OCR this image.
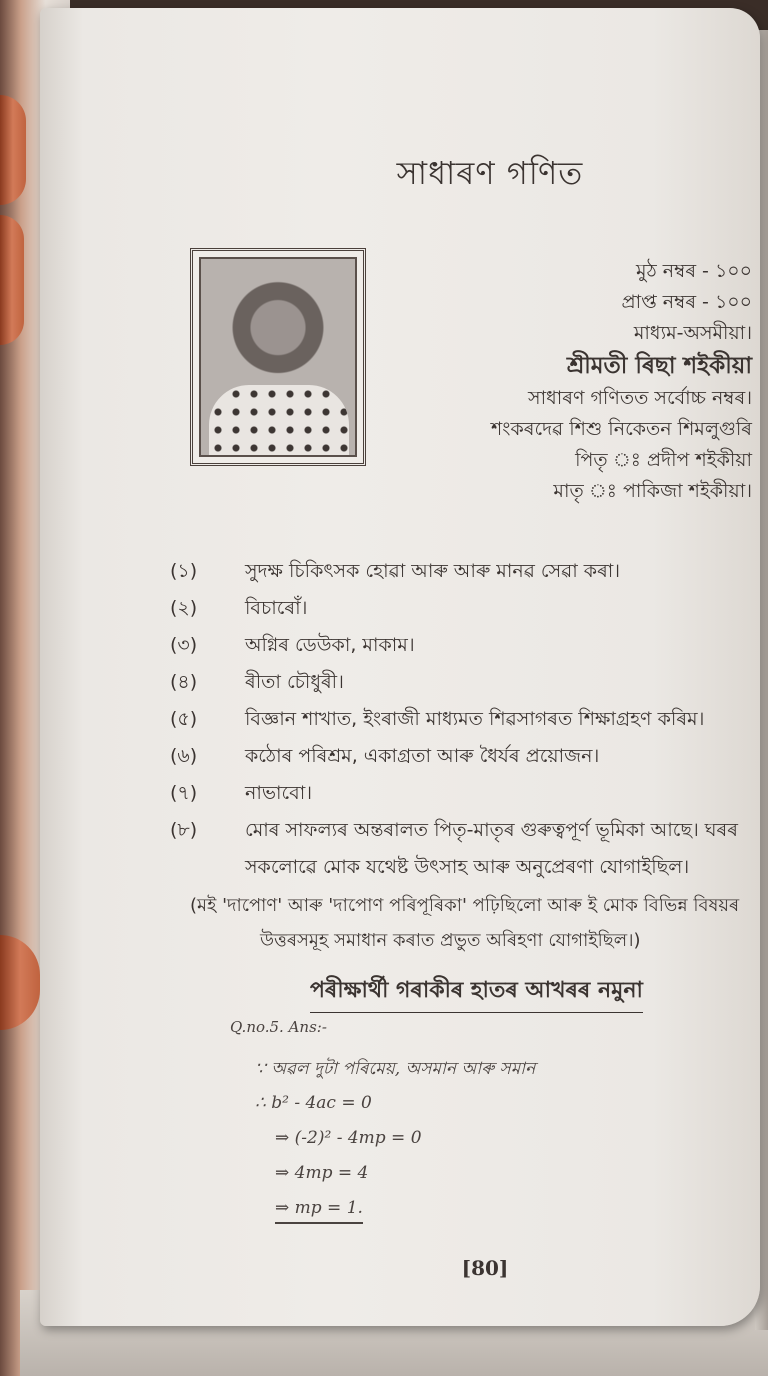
সাধাৰণ গণিত
মুঠ নম্বৰ - ১০০
প্ৰাপ্ত নম্বৰ - ১০০
মাধ্যম-অসমীয়া।
শ্ৰীমতী ৰিছা শইকীয়া
সাধাৰণ গণিতত সৰ্বোচ্চ নম্বৰ।
শংকৰদেৱ শিশু নিকেতন শিমলুগুৰি
পিতৃ ঃ প্ৰদীপ শইকীয়া
মাতৃ ঃ পাকিজা শইকীয়া।
(১)	সুদক্ষ চিকিৎসক হোৱা আৰু আৰু মানৱ সেৱা কৰা।
(২)	বিচাৰোঁ।
(৩)	অগ্নিৰ ডেউকা, মাকাম।
(৪)	ৰীতা চৌধুৰী।
(৫)	বিজ্ঞান শাখাত, ইংৰাজী মাধ্যমত শিৱসাগৰত শিক্ষাগ্ৰহণ কৰিম।
(৬)	কঠোৰ পৰিশ্ৰম, একাগ্ৰতা আৰু ধৈৰ্যৰ প্ৰয়োজন।
(৭)	নাভাবো।
(৮)	মোৰ সাফল্যৰ অন্তৰালত পিতৃ-মাতৃৰ গুৰুত্বপূৰ্ণ ভূমিকা আছে। ঘৰৰ সকলোৱে মোক যথেষ্ট উৎসাহ আৰু অনুপ্ৰেৰণা যোগাইছিল।
(মই 'দাপোণ' আৰু 'দাপোণ পৰিপূৰিকা' পঢ়িছিলো আৰু ই মোক বিভিন্ন বিষয়ৰ
উত্তৰসমূহ সমাধান কৰাত প্ৰভুত অৰিহণা যোগাইছিল।)
পৰীক্ষাৰ্থী গৰাকীৰ হাতৰ আখৰৰ নমুনা
Q.no.5. Ans:-
∵ অৱল দুটা পৰিমেয়, অসমান আৰু সমান
∴ b² - 4ac = 0
⇒ (-2)² - 4mp = 0
⇒ 4mp = 4
⇒ mp = 1.
[80]
